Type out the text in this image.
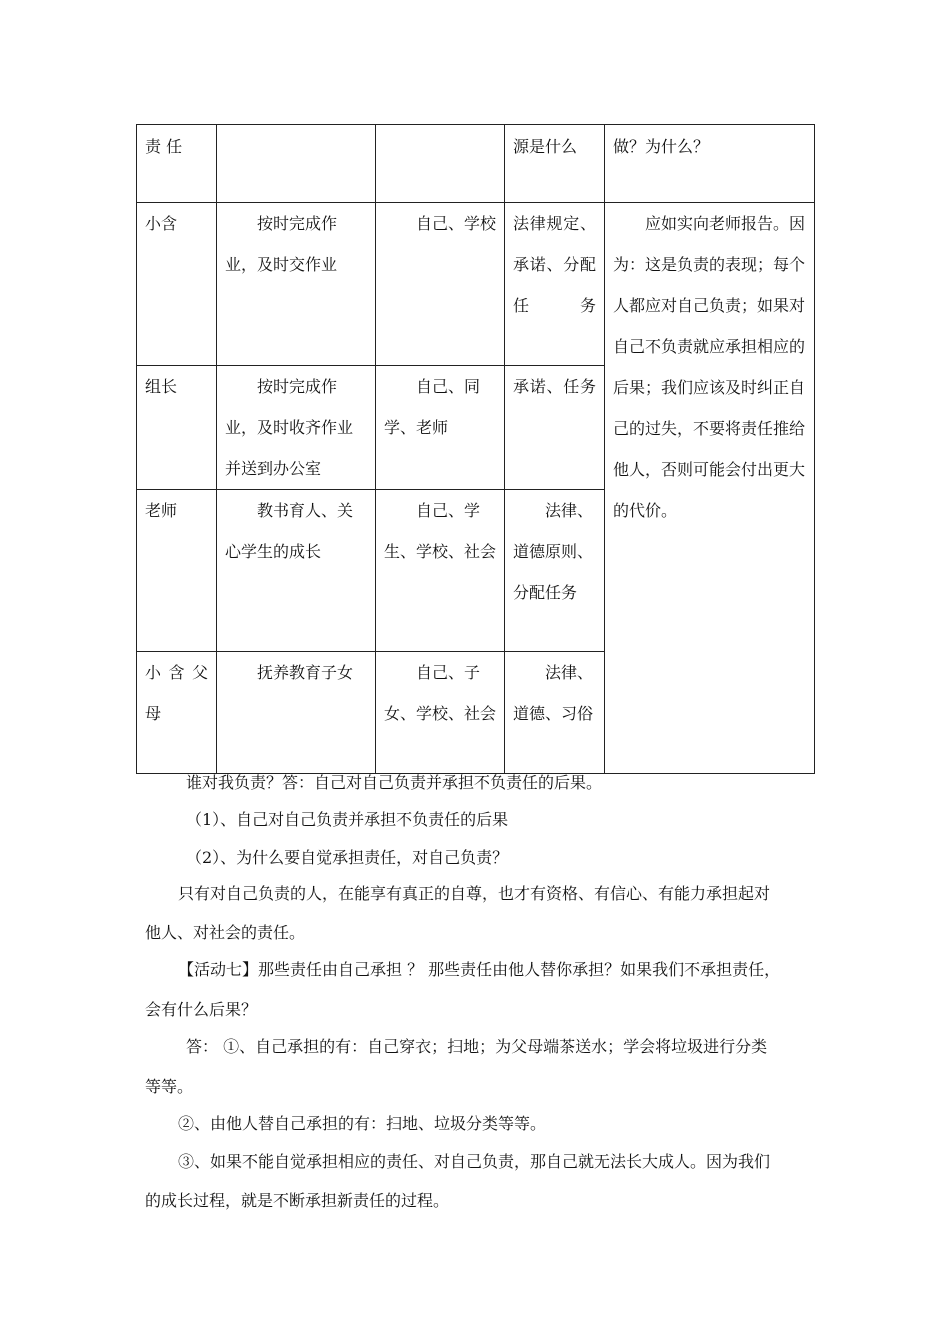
责 任			源是什么	做？为什么？
小含	按时完成作业，及时交作业	自己、学校	法律规定、承诺、分配任务	应如实向老师报告。因为：这是负责的表现；每个人都应对自己负责；如果对自己不负责就应承担相应的后果；我们应该及时纠正自己的过失，不要将责任推给他人，否则可能会付出更大的代价。
组长	按时完成作业，及时收齐作业并送到办公室	自己、同学、老师	承诺、任务	
老师	教书育人、关心学生的成长	自己、学生、学校、社会	法律、道德原则、分配任务	
小含父母	抚养教育子女	自己、子女、学校、社会	法律、道德、习俗	

谁对我负责？答：自己对自己负责并承担不负责任的后果。

（1）、自己对自己负责并承担不负责任的后果

（2）、为什么要自觉承担责任，对自己负责？

只有对自己负责的人，在能享有真正的自尊，也才有资格、有信心、有能力承担起对

他人、对社会的责任。

【活动七】那些责任由自己承担 ？ 那些责任由他人替你承担？如果我们不承担责任，

会有什么后果？

答： ①、自己承担的有：自己穿衣；扫地；为父母端茶送水；学会将垃圾进行分类

等等。

②、由他人替自己承担的有：扫地、垃圾分类等等。

③、如果不能自觉承担相应的责任、对自己负责，那自己就无法长大成人。因为我们

的成长过程，就是不断承担新责任的过程。
